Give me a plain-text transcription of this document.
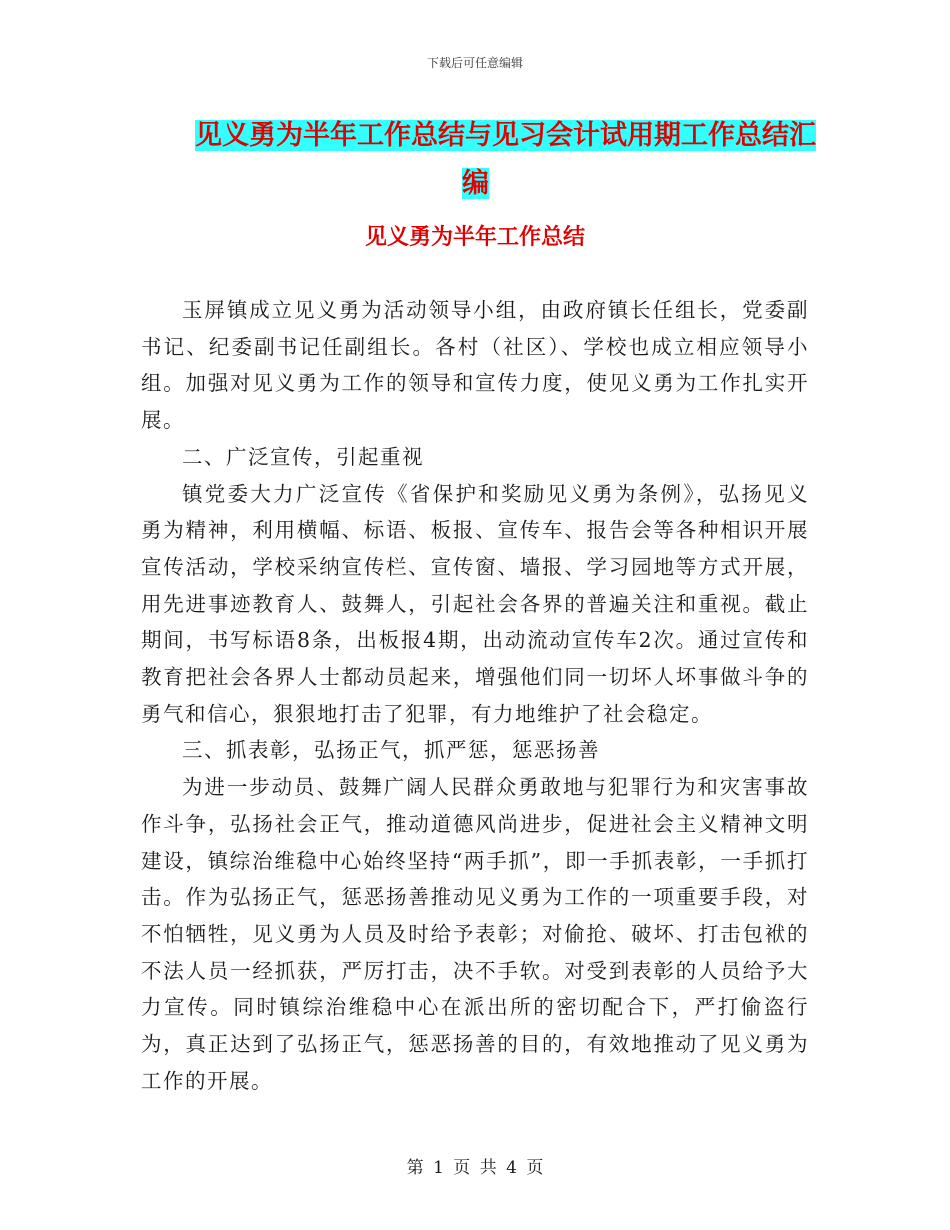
下载后可任意编辑
见义勇为半年工作总结与见习会计试用期工作总结汇
编
见义勇为半年工作总结

玉屏镇成立见义勇为活动领导小组，由政府镇长任组长，党委副书记、纪委副书记任副组长。各村（社区）、学校也成立相应领导小组。加强对见义勇为工作的领导和宣传力度，使见义勇为工作扎实开展。

二、广泛宣传，引起重视

镇党委大力广泛宣传《省保护和奖励见义勇为条例》，弘扬见义勇为精神，利用横幅、标语、板报、宣传车、报告会等各种相识开展宣传活动，学校采纳宣传栏、宣传窗、墙报、学习园地等方式开展，用先进事迹教育人、鼓舞人，引起社会各界的普遍关注和重视。截止期间，书写标语8条，出板报4期，出动流动宣传车2次。通过宣传和教育把社会各界人士都动员起来，增强他们同一切坏人坏事做斗争的勇气和信心，狠狠地打击了犯罪，有力地维护了社会稳定。

三、抓表彰，弘扬正气，抓严惩，惩恶扬善

为进一步动员、鼓舞广阔人民群众勇敢地与犯罪行为和灾害事故作斗争，弘扬社会正气，推动道德风尚进步，促进社会主义精神文明建设，镇综治维稳中心始终坚持“两手抓”，即一手抓表彰，一手抓打击。作为弘扬正气，惩恶扬善推动见义勇为工作的一项重要手段，对不怕牺牲，见义勇为人员及时给予表彰；对偷抢、破坏、打击包袱的不法人员一经抓获，严厉打击，决不手软。对受到表彰的人员给予大力宣传。同时镇综治维稳中心在派出所的密切配合下，严打偷盗行为，真正达到了弘扬正气，惩恶扬善的目的，有效地推动了见义勇为工作的开展。

第 1 页 共 4 页
